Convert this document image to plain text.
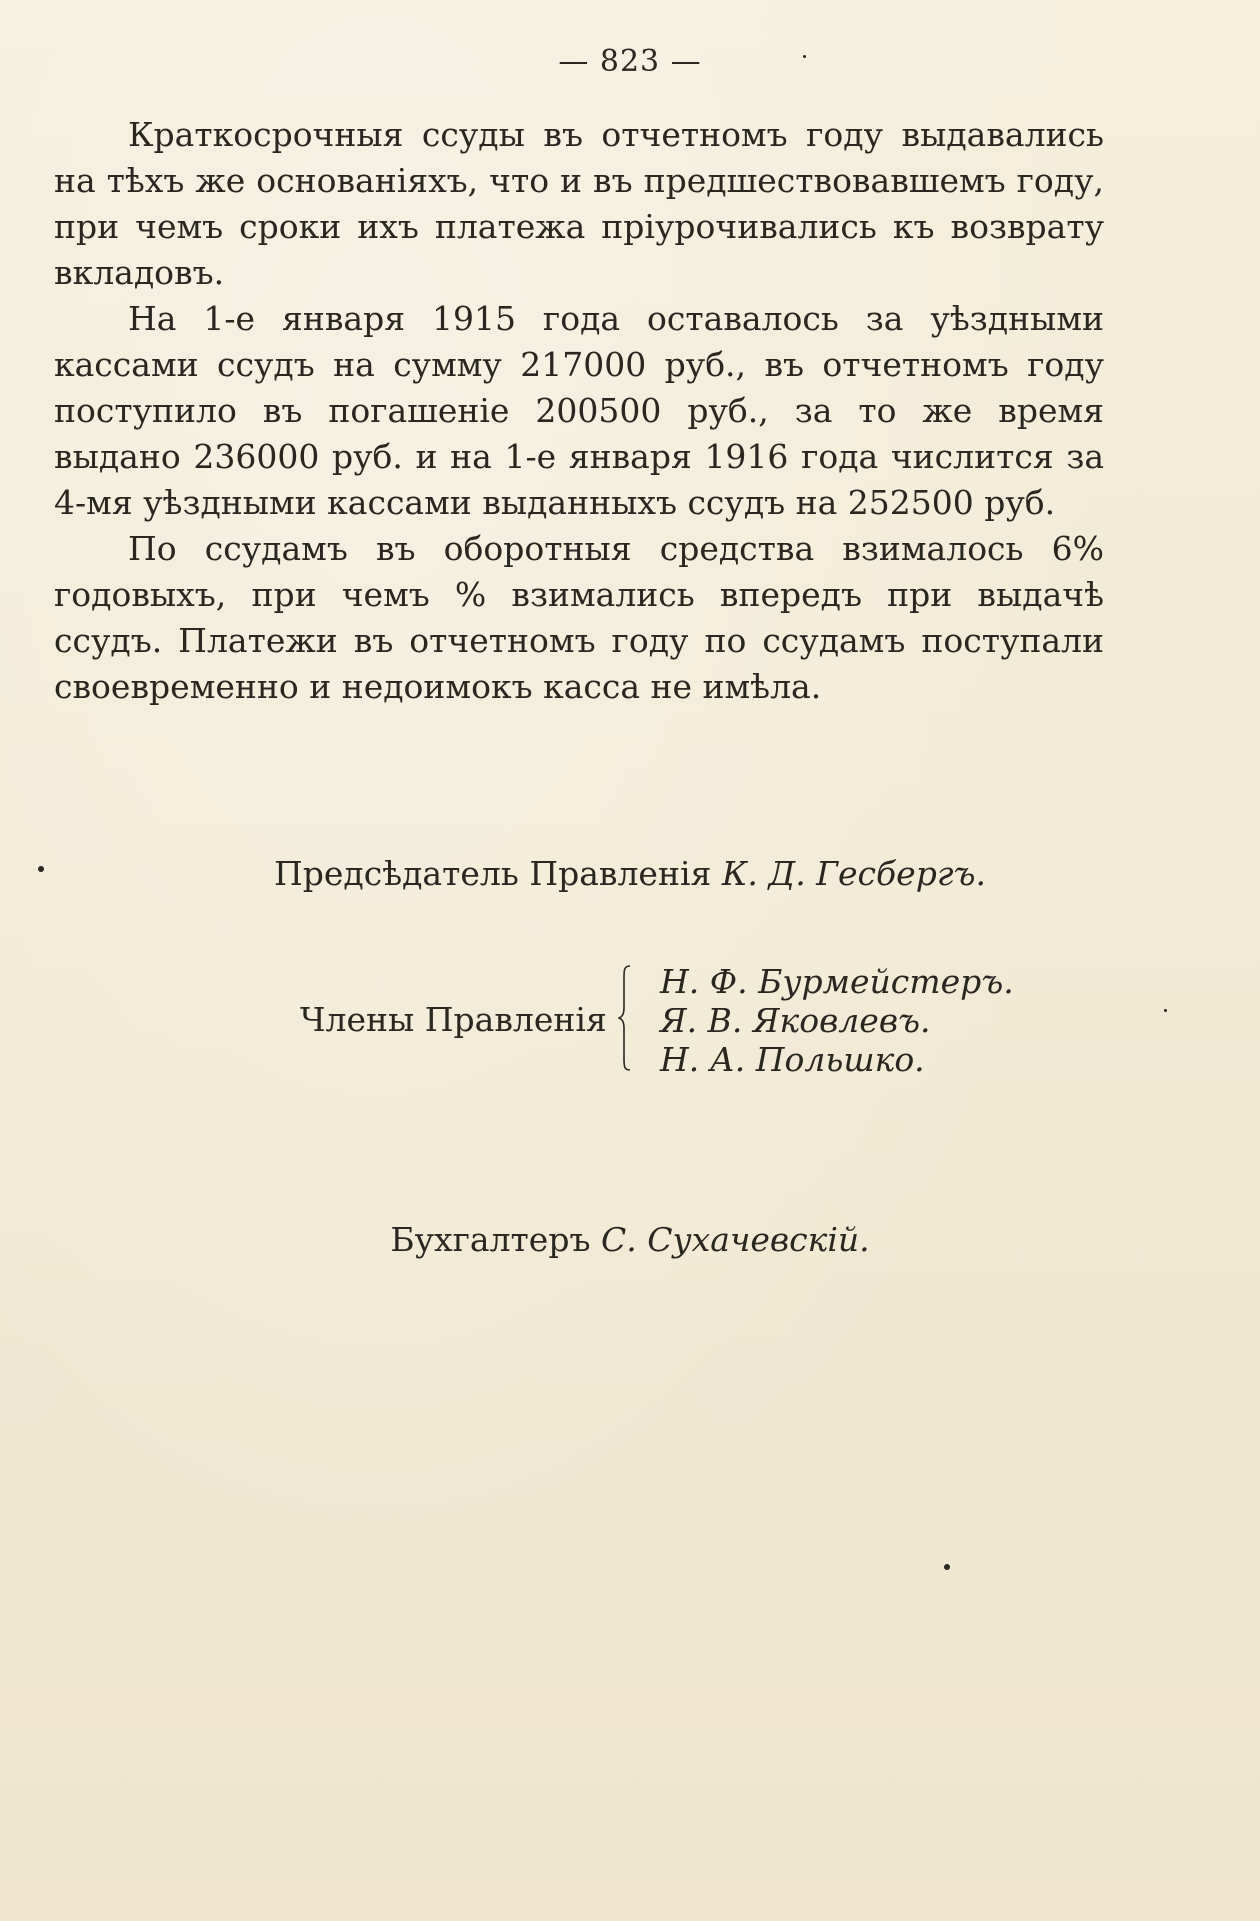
— 823 —

Краткосрочныя ссуды въ отчетномъ году выдавались на тѣхъ же основаніяхъ, что и въ предшествовавшемъ году, при чемъ сроки ихъ платежа пріурочивались къ возврату вкладовъ.

На 1-е января 1915 года оставалось за уѣздными кассами ссудъ на сумму 217000 руб., въ отчетномъ году поступило въ погашеніе 200500 руб., за то же время выдано 236000 руб. и на 1-е января 1916 года числится за 4-мя уѣздными кассами выданныхъ ссудъ на 252500 руб.

По ссудамъ въ оборотныя средства взималось 6% годовыхъ, при чемъ % взимались впередъ при выдачѣ ссудъ. Платежи въ отчетномъ году по ссудамъ поступали своевременно и недоимокъ касса не имѣла.

Предсѣдатель Правленія К. Д. Гесбергъ.
Члены Правленія
Н. Ф. Бурмейстеръ.
Я. В. Яковлевъ.
Н. А. Польшко.
Бухгалтеръ С. Сухачевскій.
